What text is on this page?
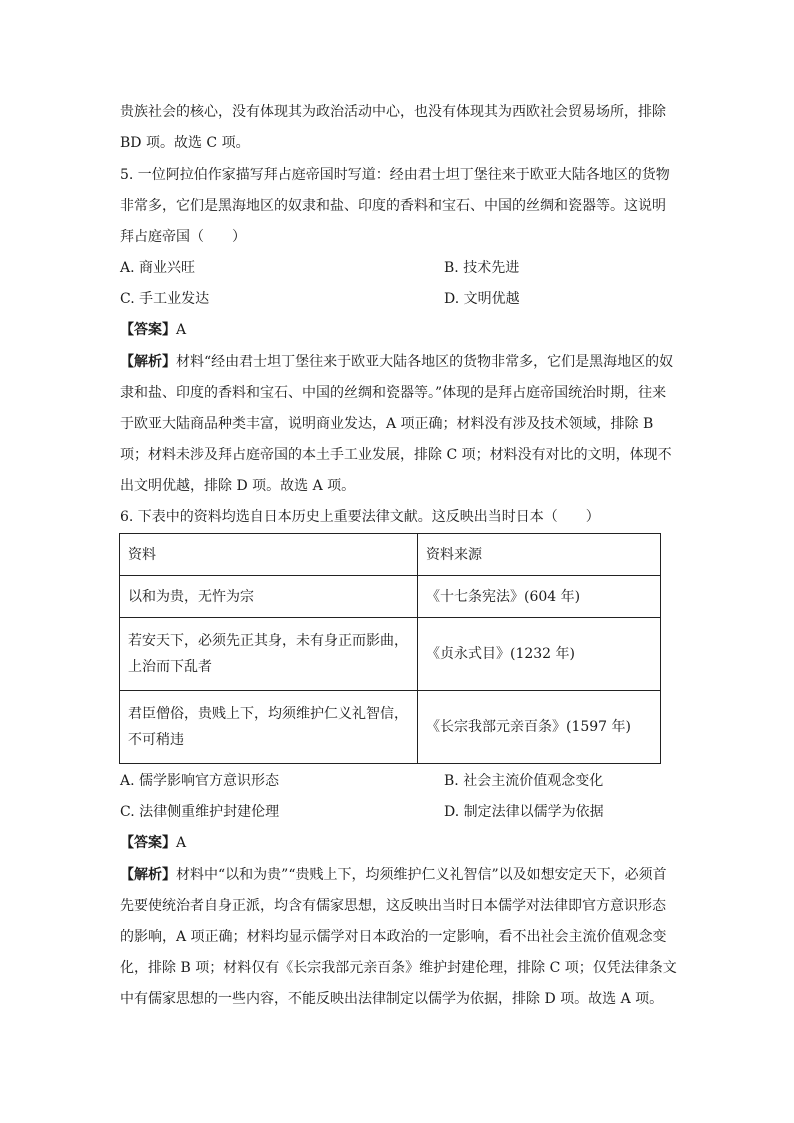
贵族社会的核心，没有体现其为政治活动中心，也没有体现其为西欧社会贸易场所，排除
BD 项。故选 C 项。
5. 一位阿拉伯作家描写拜占庭帝国时写道：经由君士坦丁堡往来于欧亚大陆各地区的货物
非常多，它们是黑海地区的奴隶和盐、印度的香料和宝石、中国的丝绸和瓷器等。这说明
拜占庭帝国（　　）
A. 商业兴旺	B. 技术先进
C. 手工业发达	D. 文明优越
【答案】A
【解析】材料“经由君士坦丁堡往来于欧亚大陆各地区的货物非常多，它们是黑海地区的奴
隶和盐、印度的香料和宝石、中国的丝绸和瓷器等。”体现的是拜占庭帝国统治时期，往来
于欧亚大陆商品种类丰富，说明商业发达，A 项正确；材料没有涉及技术领域，排除 B
项；材料未涉及拜占庭帝国的本土手工业发展，排除 C 项；材料没有对比的文明，体现不
出文明优越，排除 D 项。故选 A 项。
6. 下表中的资料均选自日本历史上重要法律文献。这反映出当时日本（　　）
资料	资料来源
以和为贵，无忤为宗	《十七条宪法》(604 年)

若安天下，必须先正其身，未有身正而影曲，
上治而下乱者	《贞永式目》(1232 年)

君臣僧俗，贵贱上下，均须维护仁义礼智信，
不可稍违	《长宗我部元亲百条》(1597 年)
A. 儒学影响官方意识形态	B. 社会主流价值观念变化
C. 法律侧重维护封建伦理	D. 制定法律以儒学为依据
【答案】A
【解析】材料中“以和为贵”“贵贱上下，均须维护仁义礼智信”以及如想安定天下，必须首
先要使统治者自身正派，均含有儒家思想，这反映出当时日本儒学对法律即官方意识形态
的影响，A 项正确；材料均显示儒学对日本政治的一定影响，看不出社会主流价值观念变
化，排除 B 项；材料仅有《长宗我部元亲百条》维护封建伦理，排除 C 项；仅凭法律条文
中有儒家思想的一些内容，不能反映出法律制定以儒学为依据，排除 D 项。故选 A 项。
